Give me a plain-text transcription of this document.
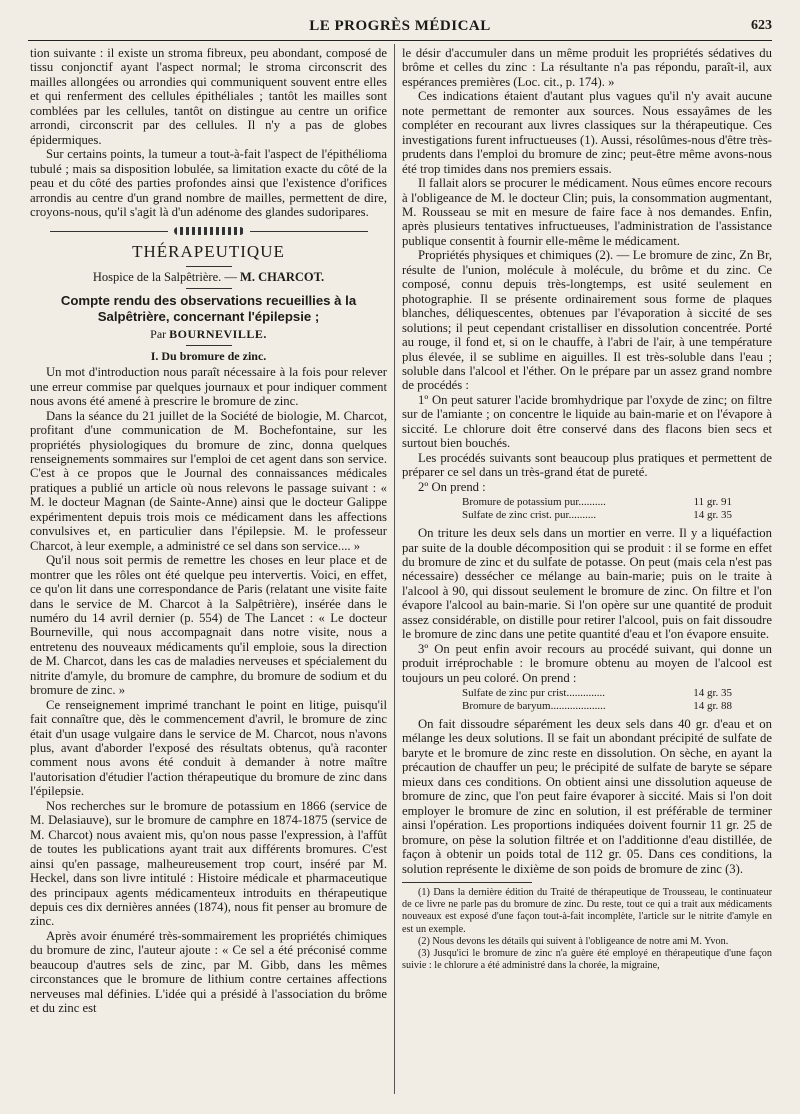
LE PROGRÈS MÉDICAL	623

tion suivante : il existe un stroma fibreux, peu abondant, composé de tissu conjonctif ayant l'aspect normal; le stroma circonscrit des mailles allongées ou arrondies qui communiquent souvent entre elles et qui renferment des cellules épithéliales ; tantôt les mailles sont comblées par les cellules, tantôt on distingue au centre un orifice arrondi, circonscrit par des cellules. Il n'y a pas de globes épidermiques.

Sur certains points, la tumeur a tout-à-fait l'aspect de l'épithélioma tubulé ; mais sa disposition lobulée, sa limitation exacte du côté de la peau et du côté des parties profondes ainsi que l'existence d'orifices arrondis au centre d'un grand nombre de mailles, permettent de dire, croyons-nous, qu'il s'agit là d'un adénome des glandes sudoripares.

THÉRAPEUTIQUE
Hospice de la Salpêtrière. — M. CHARCOT.
Compte rendu des observations recueillies à la Salpêtrière, concernant l'épilepsie ;
Par BOURNEVILLE.
I. Du bromure de zinc.

Un mot d'introduction nous paraît nécessaire à la fois pour relever une erreur commise par quelques journaux et pour indiquer comment nous avons été amené à prescrire le bromure de zinc.

Dans la séance du 21 juillet de la Société de biologie, M. Charcot, profitant d'une communication de M. Bochefontaine, sur les propriétés physiologiques du bromure de zinc, donna quelques renseignements sommaires sur l'emploi de cet agent dans son service. C'est à ce propos que le Journal des connaissances médicales pratiques a publié un article où nous relevons le passage suivant : « M. le docteur Magnan (de Sainte-Anne) ainsi que le docteur Galippe expérimentent depuis trois mois ce médicament dans les affections convulsives et, en particulier dans l'épilepsie. M. le professeur Charcot, à leur exemple, a administré ce sel dans son service.... »

Qu'il nous soit permis de remettre les choses en leur place et de montrer que les rôles ont été quelque peu intervertis. Voici, en effet, ce qu'on lit dans une correspondance de Paris (relatant une visite faite dans le service de M. Charcot à la Salpêtrière), insérée dans le numéro du 14 avril dernier (p. 554) de The Lancet : « Le docteur Bourneville, qui nous accompagnait dans notre visite, nous a entretenu des nouveaux médicaments qu'il emploie, sous la direction de M. Charcot, dans les cas de maladies nerveuses et spécialement du nitrite d'amyle, du bromure de camphre, du bromure de sodium et du bromure de zinc. »

Ce renseignement imprimé tranchant le point en litige, puisqu'il fait connaître que, dès le commencement d'avril, le bromure de zinc était d'un usage vulgaire dans le service de M. Charcot, nous n'avons plus, avant d'aborder l'exposé des résultats obtenus, qu'à raconter comment nous avons été conduit à demander à notre maître l'autorisation d'étudier l'action thérapeutique du bromure de zinc dans l'épilepsie.

Nos recherches sur le bromure de potassium en 1866 (service de M. Delasiauve), sur le bromure de camphre en 1874-1875 (service de M. Charcot) nous avaient mis, qu'on nous passe l'expression, à l'affût de toutes les publications ayant trait aux différents bromures. C'est ainsi qu'en passage, malheureusement trop court, inséré par M. Heckel, dans son livre intitulé : Histoire médicale et pharmaceutique des principaux agents médicamenteux introduits en thérapeutique depuis ces dix dernières années (1874), nous fit penser au bromure de zinc.

Après avoir énuméré très-sommairement les propriétés chimiques du bromure de zinc, l'auteur ajoute : « Ce sel a été préconisé comme beaucoup d'autres sels de zinc, par M. Gibb, dans les mêmes circonstances que le bromure de lithium contre certaines affections nerveuses mal définies. L'idée qui a présidé à l'association du brôme et du zinc est

le désir d'accumuler dans un même produit les propriétés sédatives du brôme et celles du zinc : La résultante n'a pas répondu, paraît-il, aux espérances premières (Loc. cit., p. 174). »

Ces indications étaient d'autant plus vagues qu'il n'y avait aucune note permettant de remonter aux sources. Nous essayâmes de les compléter en recourant aux livres classiques sur la thérapeutique. Ces investigations furent infructueuses (1). Aussi, résolûmes-nous d'être très-prudents dans l'emploi du bromure de zinc; peut-être même avons-nous été trop timides dans nos premiers essais.

Il fallait alors se procurer le médicament. Nous eûmes encore recours à l'obligeance de M. le docteur Clin; puis, la consommation augmentant, M. Rousseau se mit en mesure de faire face à nos demandes. Enfin, après plusieurs tentatives infructueuses, l'administration de l'assistance publique consentit à fournir elle-même le médicament.

Propriétés physiques et chimiques (2). — Le bromure de zinc, Zn Br, résulte de l'union, molécule à molécule, du brôme et du zinc. Ce composé, connu depuis très-longtemps, est usité seulement en photographie. Il se présente ordinairement sous forme de plaques blanches, déliquescentes, obtenues par l'évaporation à siccité de ses solutions; il peut cependant cristalliser en dissolution concentrée. Porté au rouge, il fond et, si on le chauffe, à l'abri de l'air, à une température plus élevée, il se sublime en aiguilles. Il est très-soluble dans l'eau ; soluble dans l'alcool et l'éther. On le prépare par un assez grand nombre de procédés :

1º On peut saturer l'acide bromhydrique par l'oxyde de zinc; on filtre sur de l'amiante ; on concentre le liquide au bain-marie et on l'évapore à siccité. Le chlorure doit être conservé dans des flacons bien secs et surtout bien bouchés.

Les procédés suivants sont beaucoup plus pratiques et permettent de préparer ce sel dans un très-grand état de pureté.

2º On prend :

Bromure de potassium pur..........	11 gr. 91
Sulfate de zinc crist. pur..........	14 gr. 35

On triture les deux sels dans un mortier en verre. Il y a liquéfaction par suite de la double décomposition qui se produit : il se forme en effet du bromure de zinc et du sulfate de potasse. On peut (mais cela n'est pas nécessaire) dessécher ce mélange au bain-marie; puis on le traite à l'alcool à 90, qui dissout seulement le bromure de zinc. On filtre et l'on évapore l'alcool au bain-marie. Si l'on opère sur une quantité de produit assez considérable, on distille pour retirer l'alcool, puis on fait dissoudre le bromure de zinc dans une petite quantité d'eau et l'on évapore ensuite.

3º On peut enfin avoir recours au procédé suivant, qui donne un produit irréprochable : le bromure obtenu au moyen de l'alcool est toujours un peu coloré. On prend :

Sulfate de zinc pur crist..............	14 gr. 35
Bromure de baryum....................	14 gr. 88

On fait dissoudre séparément les deux sels dans 40 gr. d'eau et on mélange les deux solutions. Il se fait un abondant précipité de sulfate de baryte et le bromure de zinc reste en dissolution. On sèche, en ayant la précaution de chauffer un peu; le précipité de sulfate de baryte se sépare mieux dans ces conditions. On obtient ainsi une dissolution aqueuse de bromure de zinc, que l'on peut faire évaporer à siccité. Mais si l'on doit employer le bromure de zinc en solution, il est préférable de terminer ainsi l'opération. Les proportions indiquées doivent fournir 11 gr. 25 de bromure, on pèse la solution filtrée et on l'additionne d'eau distillée, de façon à obtenir un poids total de 112 gr. 05. Dans ces conditions, la solution représente le dixième de son poids de bromure de zinc (3).

(1) Dans la dernière édition du Traité de thérapeutique de Trousseau, le continuateur de ce livre ne parle pas du bromure de zinc. Du reste, tout ce qui a trait aux médicaments nouveaux est exposé d'une façon tout-à-fait incomplète, l'article sur le nitrite d'amyle en est un exemple.

(2) Nous devons les détails qui suivent à l'obligeance de notre ami M. Yvon.

(3) Jusqu'ici le bromure de zinc n'a guère été employé en thérapeutique d'une façon suivie : le chlorure a été administré dans la chorée, la migraine,
